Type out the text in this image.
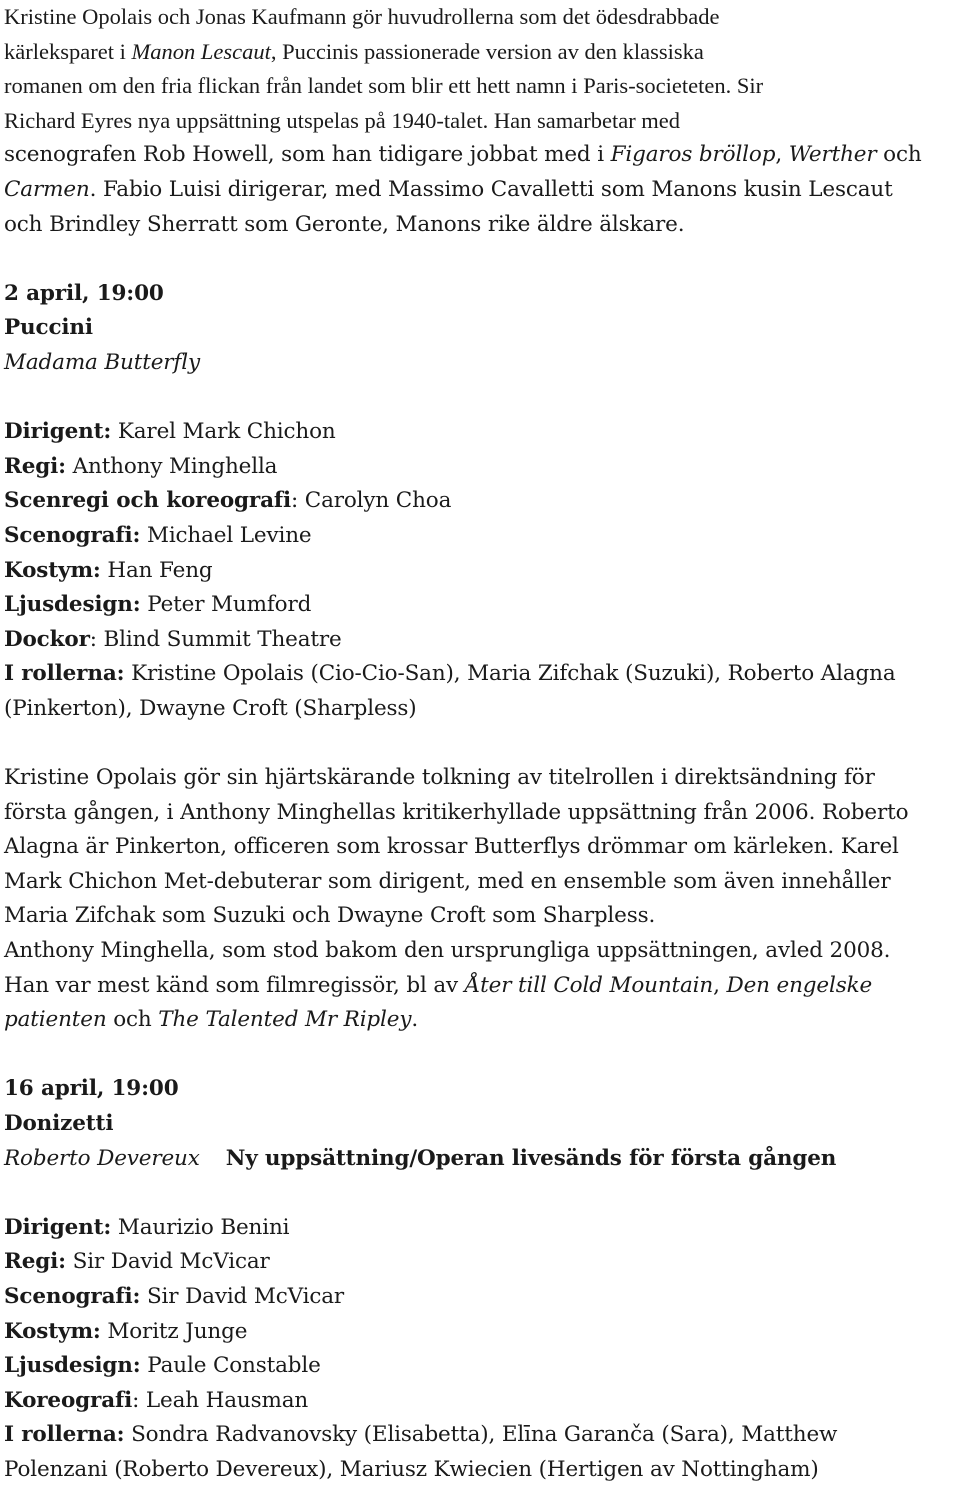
Kristine Opolais och Jonas Kaufmann gör huvudrollerna som det ödesdrabbade

kärleksparet i Manon Lescaut, Puccinis passionerade version av den klassiska

romanen om den fria flickan från landet som blir ett hett namn i Paris-societeten. Sir

Richard Eyres nya uppsättning utspelas på 1940-talet. Han samarbetar med

scenografen Rob Howell, som han tidigare jobbat med i Figaros bröllop, Werther och

Carmen. Fabio Luisi dirigerar, med Massimo Cavalletti som Manons kusin Lescaut

och Brindley Sherratt som Geronte, Manons rike äldre älskare.

2 april, 19:00

Puccini

Madama Butterfly

Dirigent: Karel Mark Chichon

Regi: Anthony Minghella

Scenregi och koreografi: Carolyn Choa

Scenografi: Michael Levine

Kostym: Han Feng

Ljusdesign: Peter Mumford

Dockor: Blind Summit Theatre

I rollerna: Kristine Opolais (Cio-Cio-San), Maria Zifchak (Suzuki), Roberto Alagna

(Pinkerton), Dwayne Croft (Sharpless)

Kristine Opolais gör sin hjärtskärande tolkning av titelrollen i direktsändning för

första gången, i Anthony Minghellas kritikerhyllade uppsättning från 2006. Roberto

Alagna är Pinkerton, officeren som krossar Butterflys drömmar om kärleken. Karel

Mark Chichon Met-debuterar som dirigent, med en ensemble som även innehåller

Maria Zifchak som Suzuki och Dwayne Croft som Sharpless.

Anthony Minghella, som stod bakom den ursprungliga uppsättningen, avled 2008.

Han var mest känd som filmregissör, bl av Åter till Cold Mountain, Den engelske

patienten och The Talented Mr Ripley.

16 april, 19:00

Donizetti

Roberto Devereux Ny uppsättning/Operan livesänds för första gången

Dirigent: Maurizio Benini

Regi: Sir David McVicar

Scenografi: Sir David McVicar

Kostym: Moritz Junge

Ljusdesign: Paule Constable

Koreografi: Leah Hausman

I rollerna: Sondra Radvanovsky (Elisabetta), Elīna Garanča (Sara), Matthew

Polenzani (Roberto Devereux), Mariusz Kwiecien (Hertigen av Nottingham)
